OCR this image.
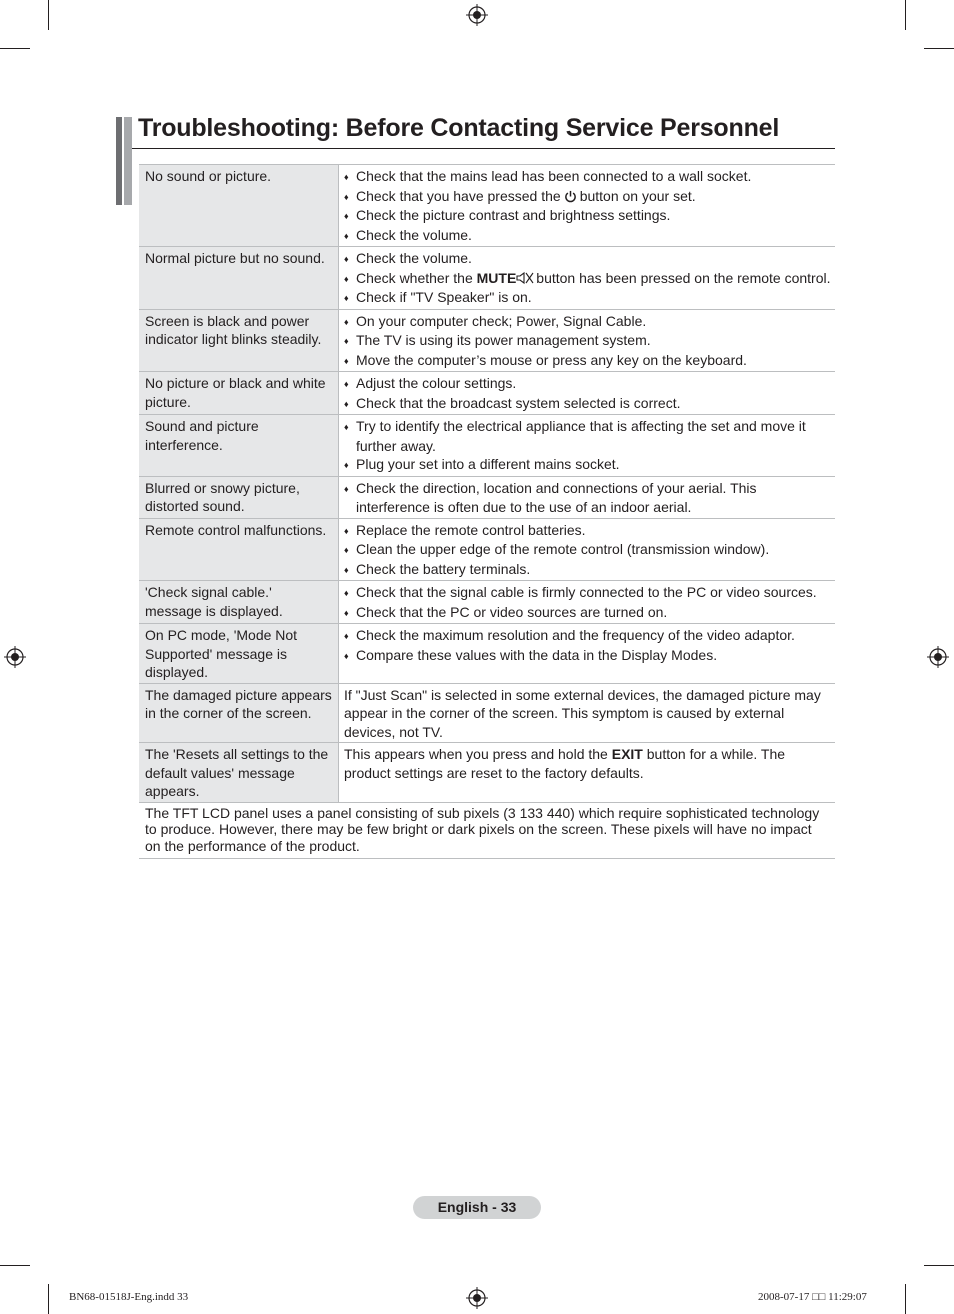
Troubleshooting: Before Contacting Service Personnel
No sound or picture.	♦ Check that the mains lead has been connected to a wall socket.
♦ Check that you have pressed the button on your set.
♦ Check the picture contrast and brightness settings.
♦ Check the volume.

Normal picture but no sound.	♦ Check the volume.
♦ Check whether the MUTE button has been pressed on the remote control.
♦ Check if "TV Speaker" is on.

Screen is black and power indicator light blinks steadily.	♦ On your computer check; Power, Signal Cable.
♦ The TV is using its power management system.
♦ Move the computer’s mouse or press any key on the keyboard.

No picture or black and white picture.	♦ Adjust the colour settings.
♦ Check that the broadcast system selected is correct.

Sound and picture interference.	♦ Try to identify the electrical appliance that is affecting the set and move it further away.
♦ Plug your set into a different mains socket.

Blurred or snowy picture, distorted sound.	♦ Check the direction, location and connections of your aerial. This interference is often due to the use of an indoor aerial.

Remote control malfunctions.	♦ Replace the remote control batteries.
♦ Clean the upper edge of the remote control (transmission window).
♦ Check the battery terminals.

'Check signal cable.' message is displayed.	♦ Check that the signal cable is firmly connected to the PC or video sources.
♦ Check that the PC or video sources are turned on.

On PC mode, 'Mode Not Supported' message is displayed.	♦ Check the maximum resolution and the frequency of the video adaptor.
♦ Compare these values with the data in the Display Modes.

The damaged picture appears in the corner of the screen.	If "Just Scan" is selected in some external devices, the damaged picture may appear in the corner of the screen. This symptom is caused by external devices, not TV.
The 'Resets all settings to the default values' message appears.	This appears when you press and hold the EXIT button for a while. The product settings are reset to the factory defaults.

The TFT LCD panel uses a panel consisting of sub pixels (3 133 440) which require sophisticated technology to produce. However, there may be few bright or dark pixels on the screen. These pixels will have no impact on the performance of the product.	
English - 33
BN68-01518J-Eng.indd 33	2008-07-17 □□ 11:29:07
